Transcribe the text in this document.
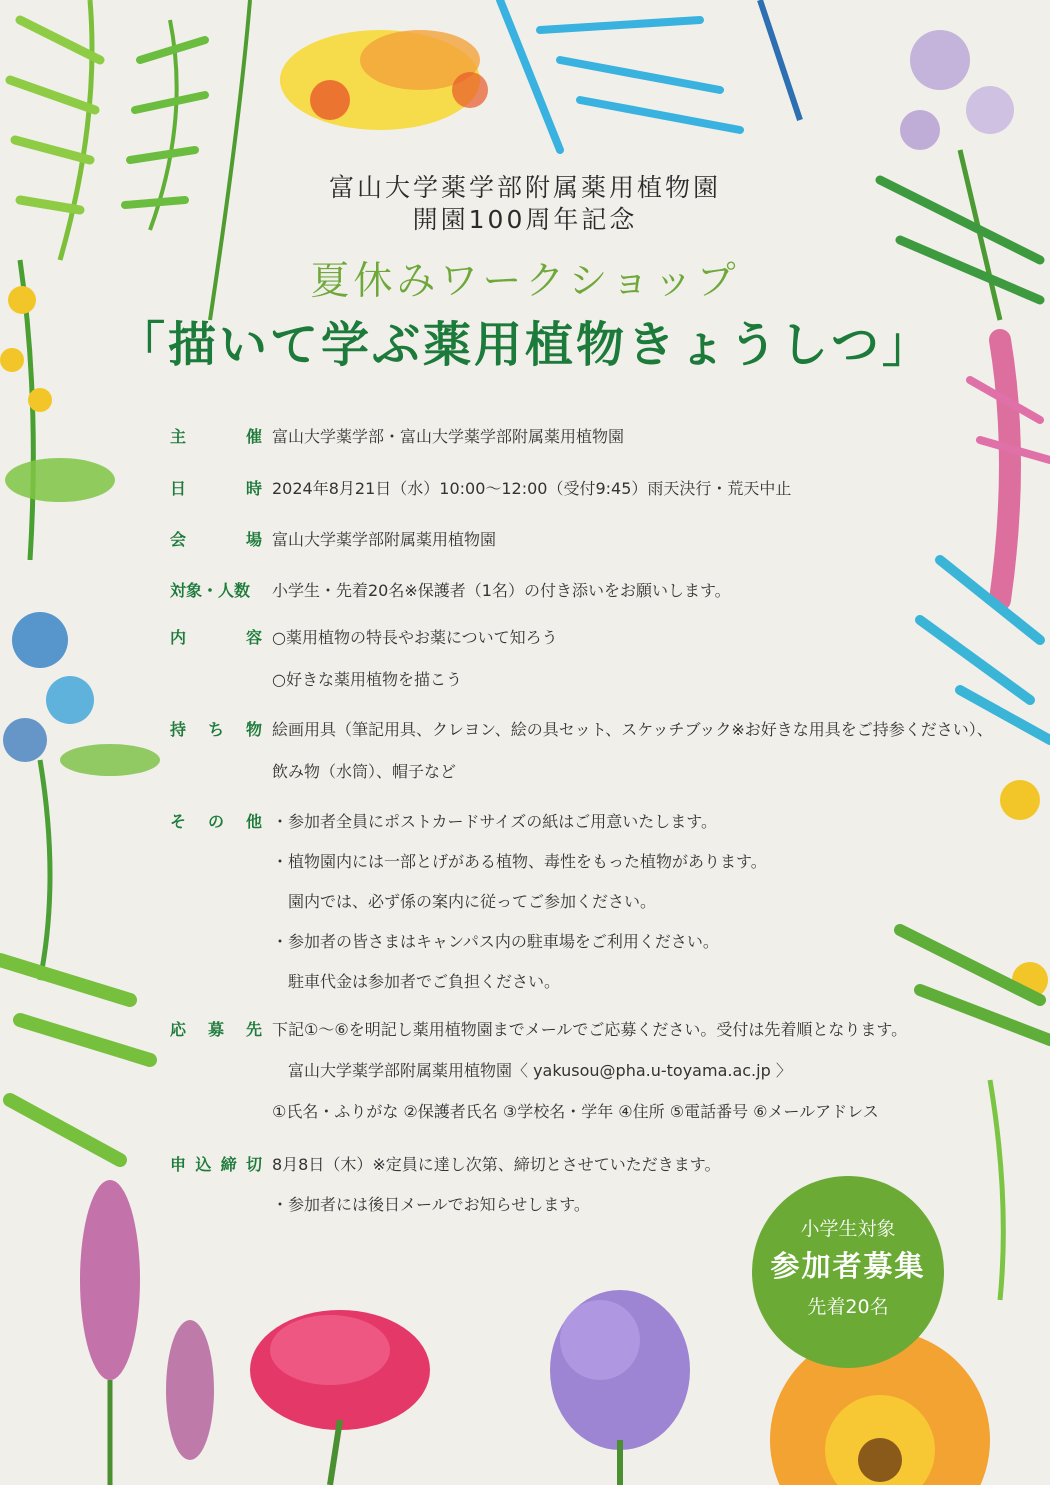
富山大学薬学部附属薬用植物園
開園100周年記念
夏休みワークショップ
「描いて学ぶ薬用植物きょうしつ」
主	催 富山大学薬学部・富山大学薬学部附属薬用植物園
日	時 2024年8月21日（水）10:00～12:00（受付9:45）雨天決行・荒天中止
会	場 富山大学薬学部附属薬用植物園
対象・人数 小学生・先着20名※保護者（1名）の付き添いをお願いします。
内	容 ○薬用植物の特長やお薬について知ろう
○好きな薬用植物を描こう
持 ち 物 絵画用具（筆記用具、クレヨン、絵の具セット、スケッチブック※お好きな用具をご持参ください）、
飲み物（水筒）、帽子など
そ の 他 ・参加者全員にポストカードサイズの紙はご用意いたします。
・植物園内には一部とげがある植物、毒性をもった植物があります。
　園内では、必ず係の案内に従ってご参加ください。
・参加者の皆さまはキャンパス内の駐車場をご利用ください。
　駐車代金は参加者でご負担ください。
応 募 先 下記①～⑥を明記し薬用植物園までメールでご応募ください。受付は先着順となります。
　富山大学薬学部附属薬用植物園〈 yakusou@pha.u-toyama.ac.jp 〉
①氏名・ふりがな ②保護者氏名 ③学校名・学年 ④住所 ⑤電話番号 ⑥メールアドレス
申 込 締 切 8月8日（木）※定員に達し次第、締切とさせていただきます。
・参加者には後日メールでお知らせします。
小学生対象
参加者募集
先着20名
